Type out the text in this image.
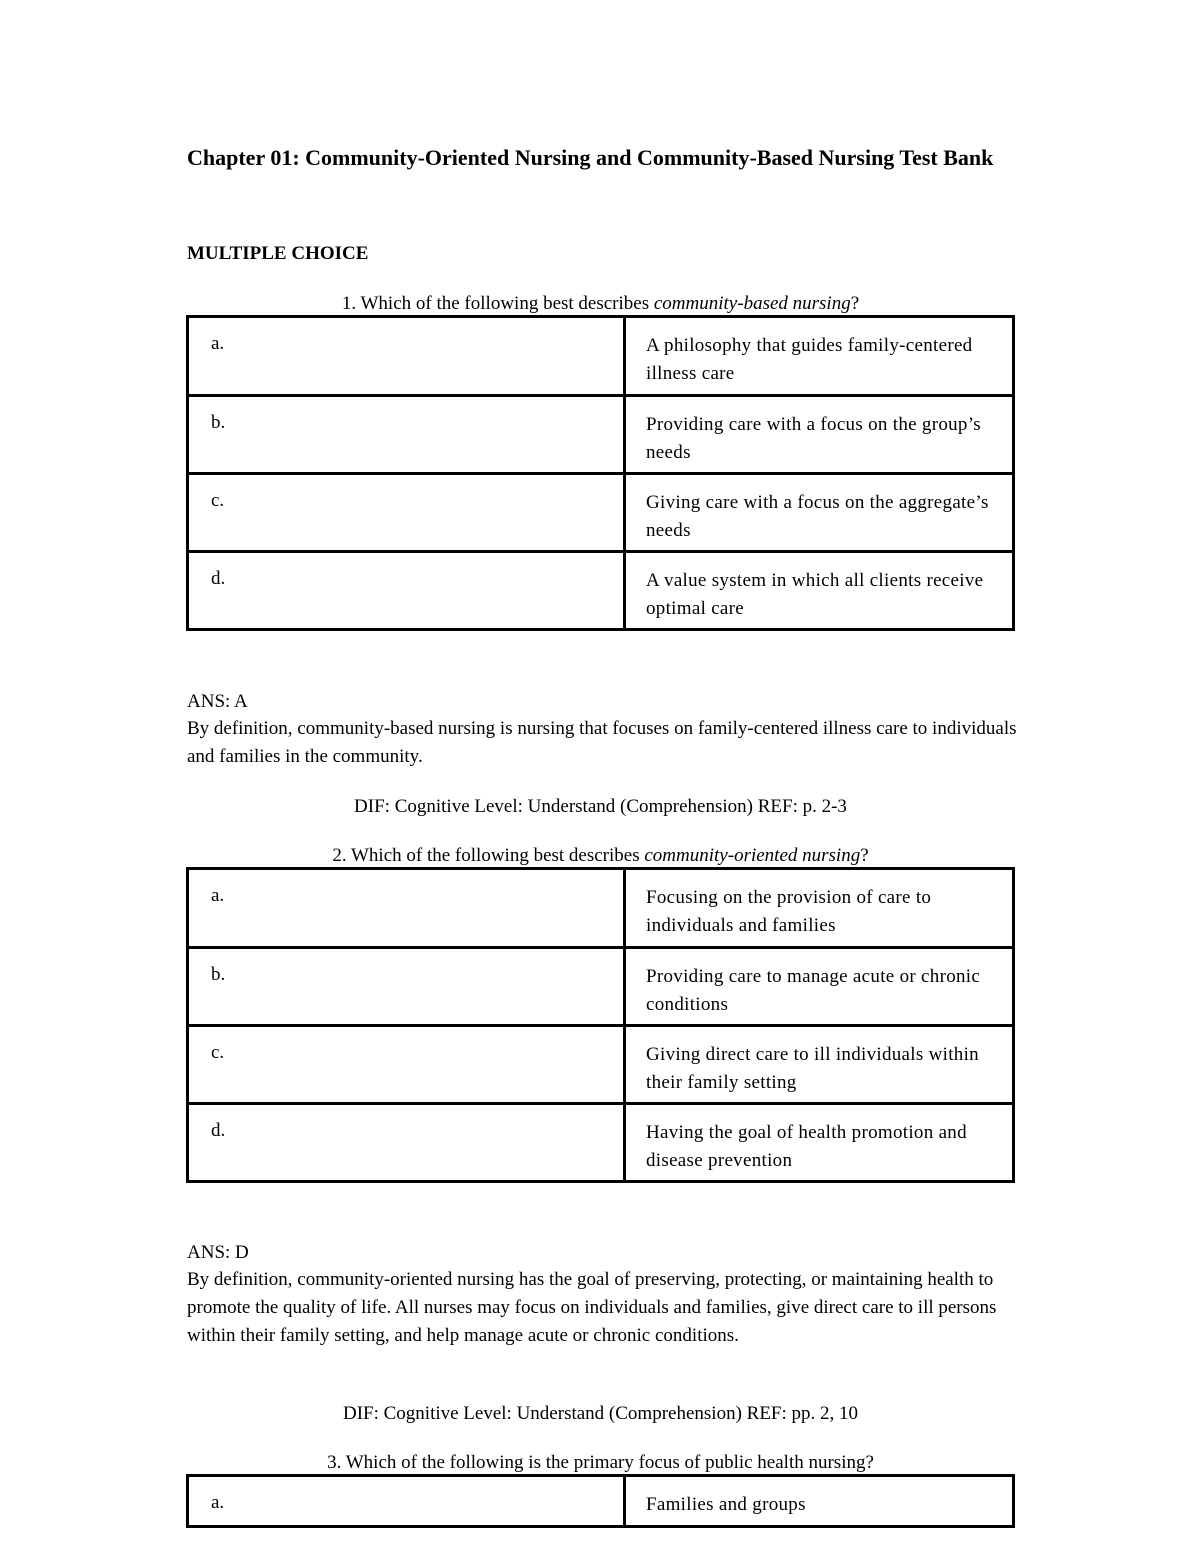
Chapter 01: Community-Oriented Nursing and Community-Based Nursing Test Bank
MULTIPLE CHOICE
1. Which of the following best describes community-based nursing?
a.	A philosophy that guides family-centered illness care
b.	Providing care with a focus on the group’s needs
c.	Giving care with a focus on the aggregate’s needs
d.	A value system in which all clients receive optimal care
ANS: A
By definition, community-based nursing is nursing that focuses on family-centered illness care to individuals and families in the community.
DIF: Cognitive Level: Understand (Comprehension) REF: p. 2-3
2. Which of the following best describes community-oriented nursing?
a.	Focusing on the provision of care to individuals and families
b.	Providing care to manage acute or chronic conditions
c.	Giving direct care to ill individuals within their family setting
d.	Having the goal of health promotion and disease prevention
ANS: D
By definition, community-oriented nursing has the goal of preserving, protecting, or maintaining health to promote the quality of life. All nurses may focus on individuals and families, give direct care to ill persons within their family setting, and help manage acute or chronic conditions.
DIF: Cognitive Level: Understand (Comprehension) REF: pp. 2, 10
3. Which of the following is the primary focus of public health nursing?
a.	Families and groups
